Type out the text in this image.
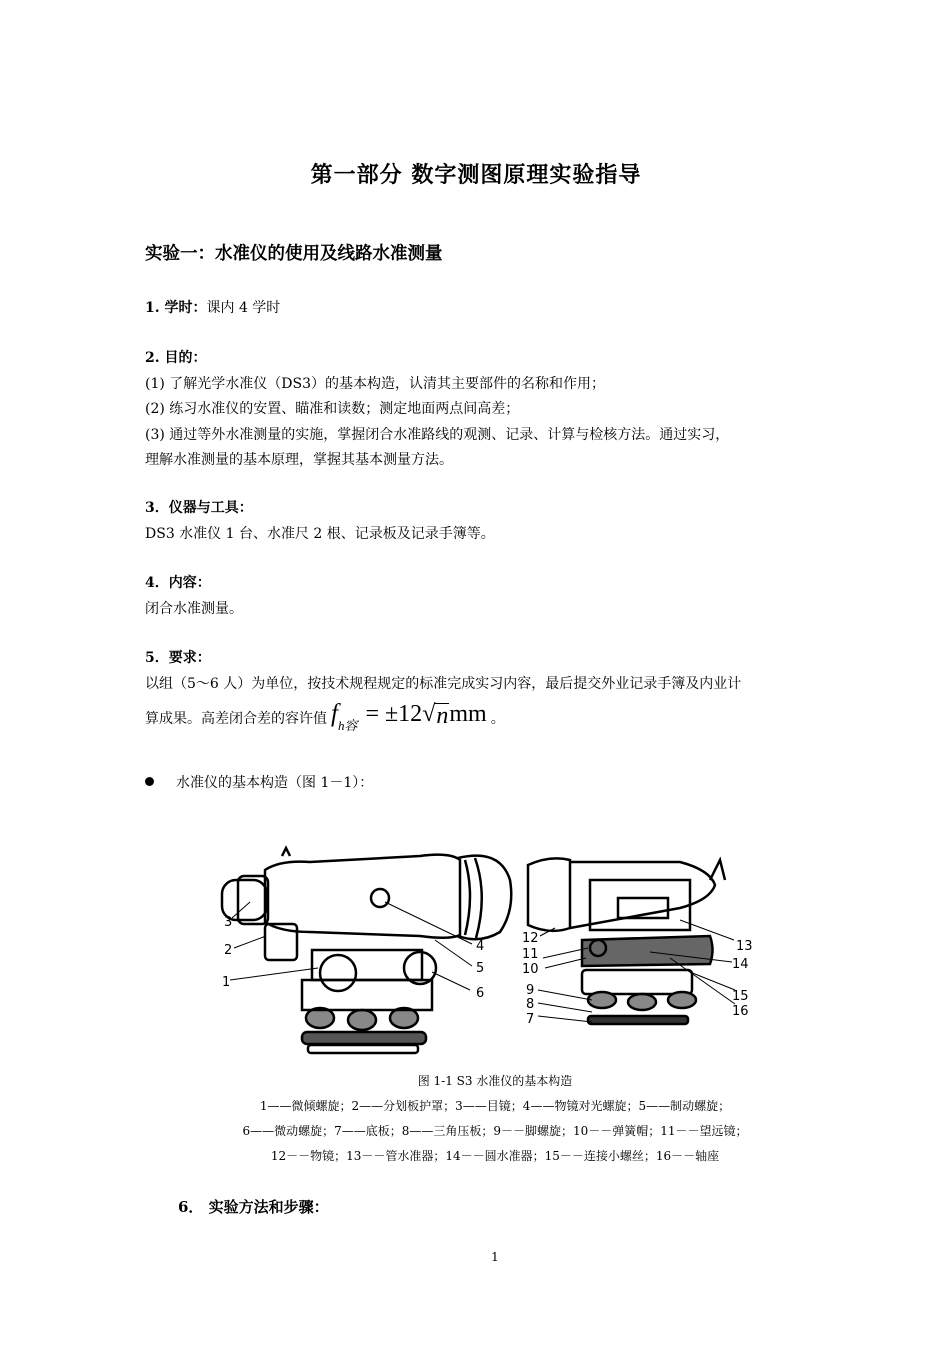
第一部分 数字测图原理实验指导
实验一：水准仪的使用及线路水准测量
1. 学时：课内 4 学时
2. 目的：
(1) 了解光学水准仪（DS3）的基本构造，认清其主要部件的名称和作用；
(2) 练习水准仪的安置、瞄准和读数；测定地面两点间高差；
(3) 通过等外水准测量的实施，掌握闭合水准路线的观测、记录、计算与检核方法。通过实习，
理解水准测量的基本原理，掌握其基本测量方法。
3．仪器与工具：
DS3 水准仪 1 台、水准尺 2 根、记录板及记录手簿等。
4．内容：
闭合水准测量。
5．要求：
以组（5～6 人）为单位，按技术规程规定的标准完成实习内容，最后提交外业记录手簿及内业计
算成果。高差闭合差的容许值 f h容 = ±12 √ n mm 。
水准仪的基本构造（图 1－1）：
3
2
1
4
5
6
12
11
10
9
8
7
13
14
15
16
图 1-1 S3 水准仪的基本构造
1——微倾螺旋；2——分划板护罩；3——目镜；4——物镜对光螺旋；5——制动螺旋；
6——微动螺旋；7——底板；8——三角压板；9－－脚螺旋；10－－弹簧帽；11－－望远镜；
12－－物镜；13－－管水准器；14－－圆水准器；15－－连接小螺丝；16－－轴座
6． 实验方法和步骤：
1
